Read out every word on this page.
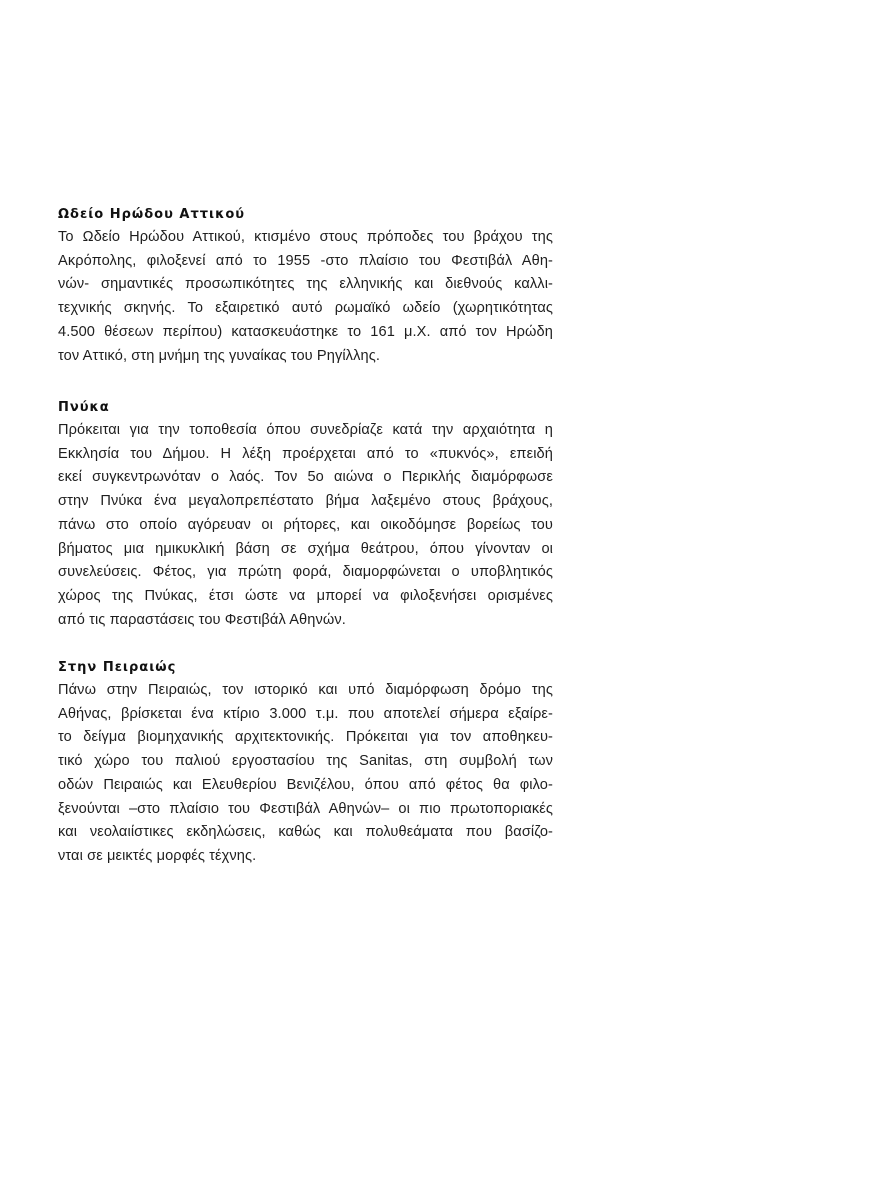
Ωδείο Ηρώδου Αττικού
Το Ωδείο Ηρώδου Αττικού, κτισμένο στους πρόποδες του βράχου της
Ακρόπολης, φιλοξενεί από το 1955 -στο πλαίσιο του Φεστιβάλ Αθη-
νών- σημαντικές προσωπικότητες της ελληνικής και διεθνούς καλλι-
τεχνικής σκηνής. Το εξαιρετικό αυτό ρωμαϊκό ωδείο (χωρητικότητας
4.500 θέσεων περίπου) κατασκευάστηκε το 161 μ.Χ. από τον Ηρώδη
τον Αττικό, στη μνήμη της γυναίκας του Ρηγίλλης.
Πνύκα
Πρόκειται για την τοποθεσία όπου συνεδρίαζε κατά την αρχαιότητα η
Εκκλησία του Δήμου. Η λέξη προέρχεται από το «πυκνός», επειδή
εκεί συγκεντρωνόταν ο λαός. Τον 5ο αιώνα ο Περικλής διαμόρφωσε
στην Πνύκα ένα μεγαλοπρεπέστατο βήμα λαξεμένο στους βράχους,
πάνω στο οποίο αγόρευαν οι ρήτορες, και οικοδόμησε βορείως του
βήματος μια ημικυκλική βάση σε σχήμα θεάτρου, όπου γίνονταν οι
συνελεύσεις. Φέτος, για πρώτη φορά, διαμορφώνεται ο υποβλητικός
χώρος της Πνύκας, έτσι ώστε να μπορεί να φιλοξενήσει ορισμένες
από τις παραστάσεις του Φεστιβάλ Αθηνών.
Στην Πειραιώς
Πάνω στην Πειραιώς, τον ιστορικό και υπό διαμόρφωση δρόμο της
Αθήνας, βρίσκεται ένα κτίριο 3.000 τ.μ. που αποτελεί σήμερα εξαίρε-
το δείγμα βιομηχανικής αρχιτεκτονικής. Πρόκειται για τον αποθηκευ-
τικό χώρο του παλιού εργοστασίου της Sanitas, στη συμβολή των
οδών Πειραιώς και Ελευθερίου Βενιζέλου, όπου από φέτος θα φιλο-
ξενούνται –στο πλαίσιο του Φεστιβάλ Αθηνών– οι πιο πρωτοποριακές
και νεολαιίστικες εκδηλώσεις, καθώς και πολυθεάματα που βασίζο-
νται σε μεικτές μορφές τέχνης.
